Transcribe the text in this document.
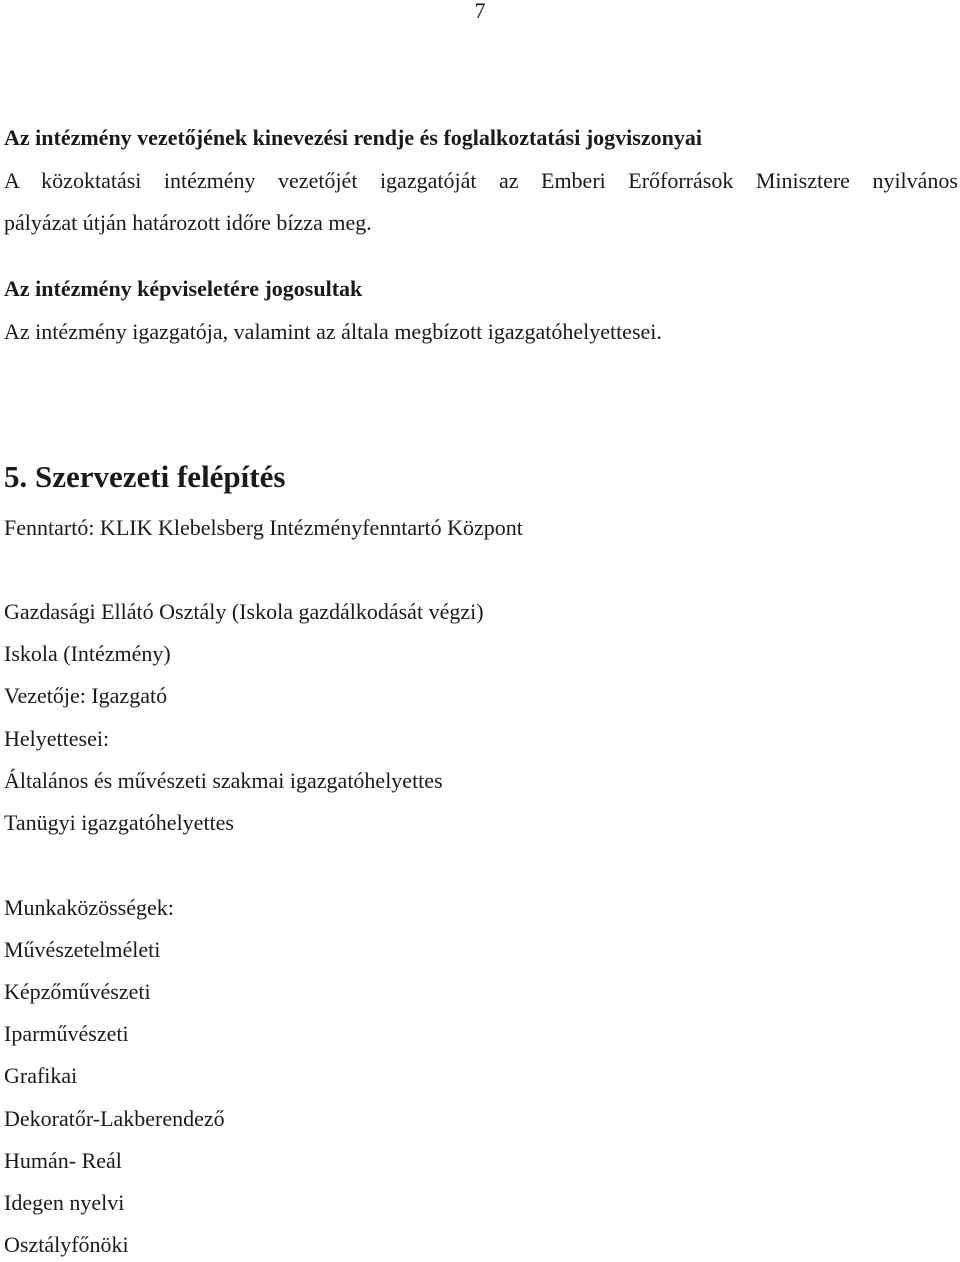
7
Az intézmény vezetőjének kinevezési rendje és foglalkoztatási jogviszonyai
A közoktatási intézmény vezetőjét igazgatóját az Emberi Erőforrások Minisztere nyilvános
pályázat útján határozott időre bízza meg.
Az intézmény képviseletére jogosultak
Az intézmény igazgatója, valamint az általa megbízott igazgatóhelyettesei.
5. Szervezeti felépítés
Fenntartó: KLIK Klebelsberg Intézményfenntartó Központ
Gazdasági Ellátó Osztály (Iskola gazdálkodását végzi)
Iskola (Intézmény)
Vezetője: Igazgató
Helyettesei:
Általános és művészeti szakmai igazgatóhelyettes
Tanügyi igazgatóhelyettes
Munkaközösségek:
Művészetelméleti
Képzőművészeti
Iparművészeti
Grafikai
Dekoratőr-Lakberendező
Humán- Reál
Idegen nyelvi
Osztályfőnöki
